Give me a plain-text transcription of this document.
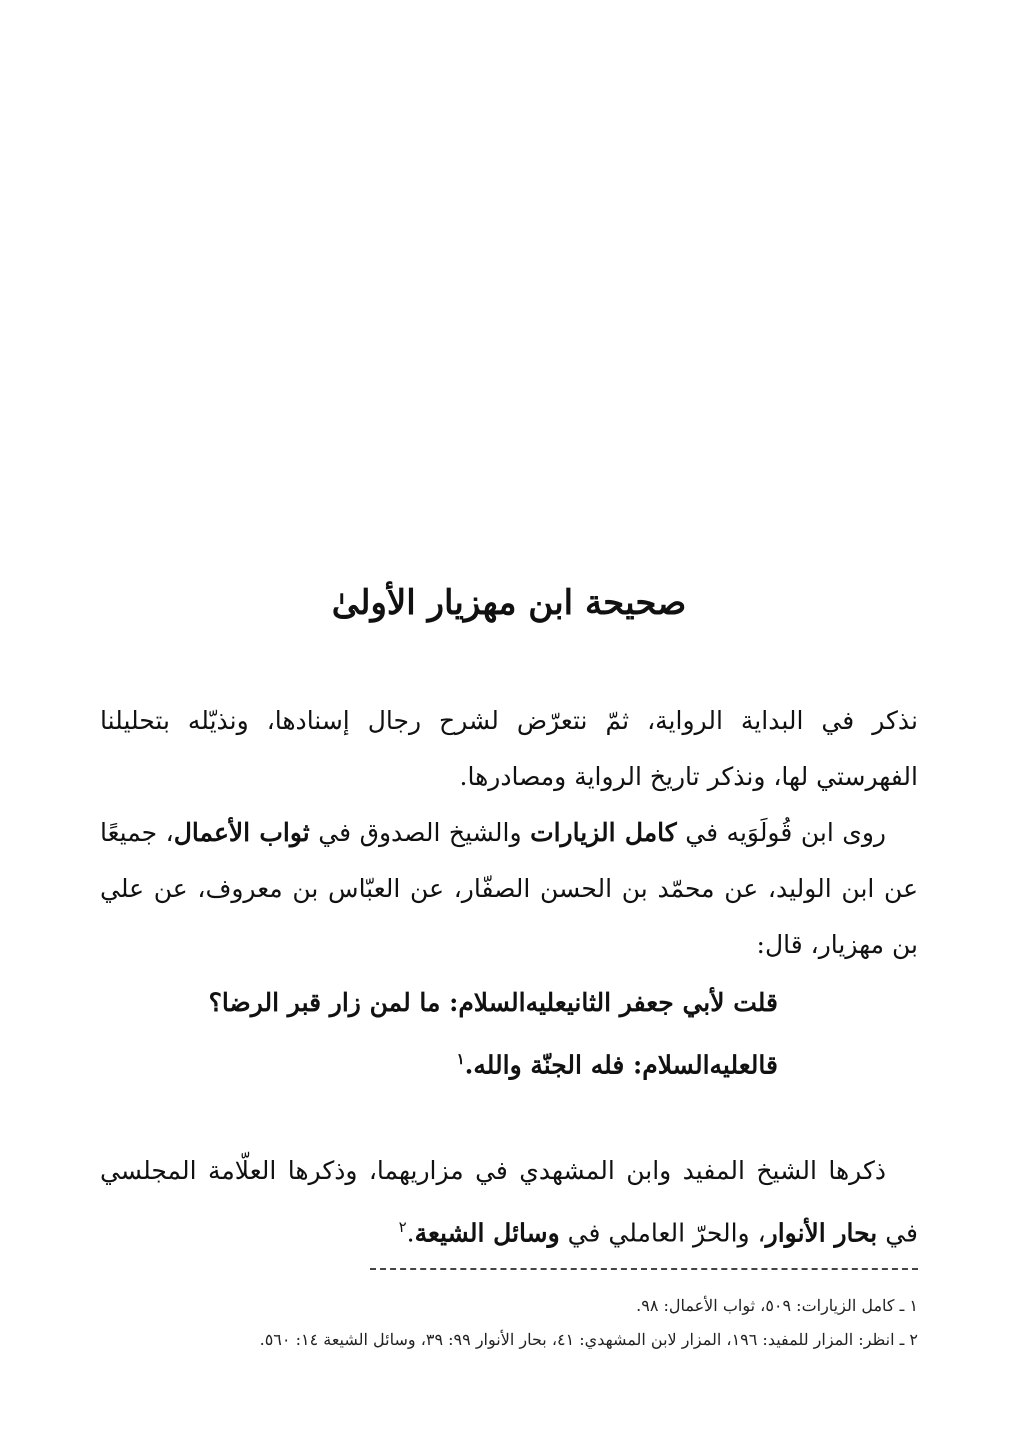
صحيحة ابن مهزيار الأولىٰ

نذكر في البداية الرواية، ثمّ نتعرّض لشرح رجال إسنادها، ونذيّله بتحليلنا الفهرستي لها، ونذكر تاريخ الرواية ومصادرها.

روى ابن قُولَوَيه في كامل الزيارات والشيخ الصدوق في ثواب الأعمال، جميعًا عن ابن الوليد، عن محمّد بن الحسن الصفّار، عن العبّاس بن معروف، عن علي بن مهزيار، قال:

قلت لأبي جعفر الثانيعليه‌السلام: ما لمن زار قبر الرضا؟
قالعليه‌السلام: فله الجنّة والله.$^١$

ذكرها الشيخ المفيد وابن المشهدي في مزاريهما، وذكرها العلّامة المجلسي في بحار الأنوار، والحرّ العاملي في وسائل الشيعة.$^٢$

١ ـ كامل الزيارات: ٥٠٩، ثواب الأعمال: ٩٨.
٢ ـ انظر: المزار للمفيد: ١٩٦، المزار لابن المشهدي: ٤١، بحار الأنوار ٩٩: ٣٩، وسائل الشيعة ١٤: ٥٦٠.
